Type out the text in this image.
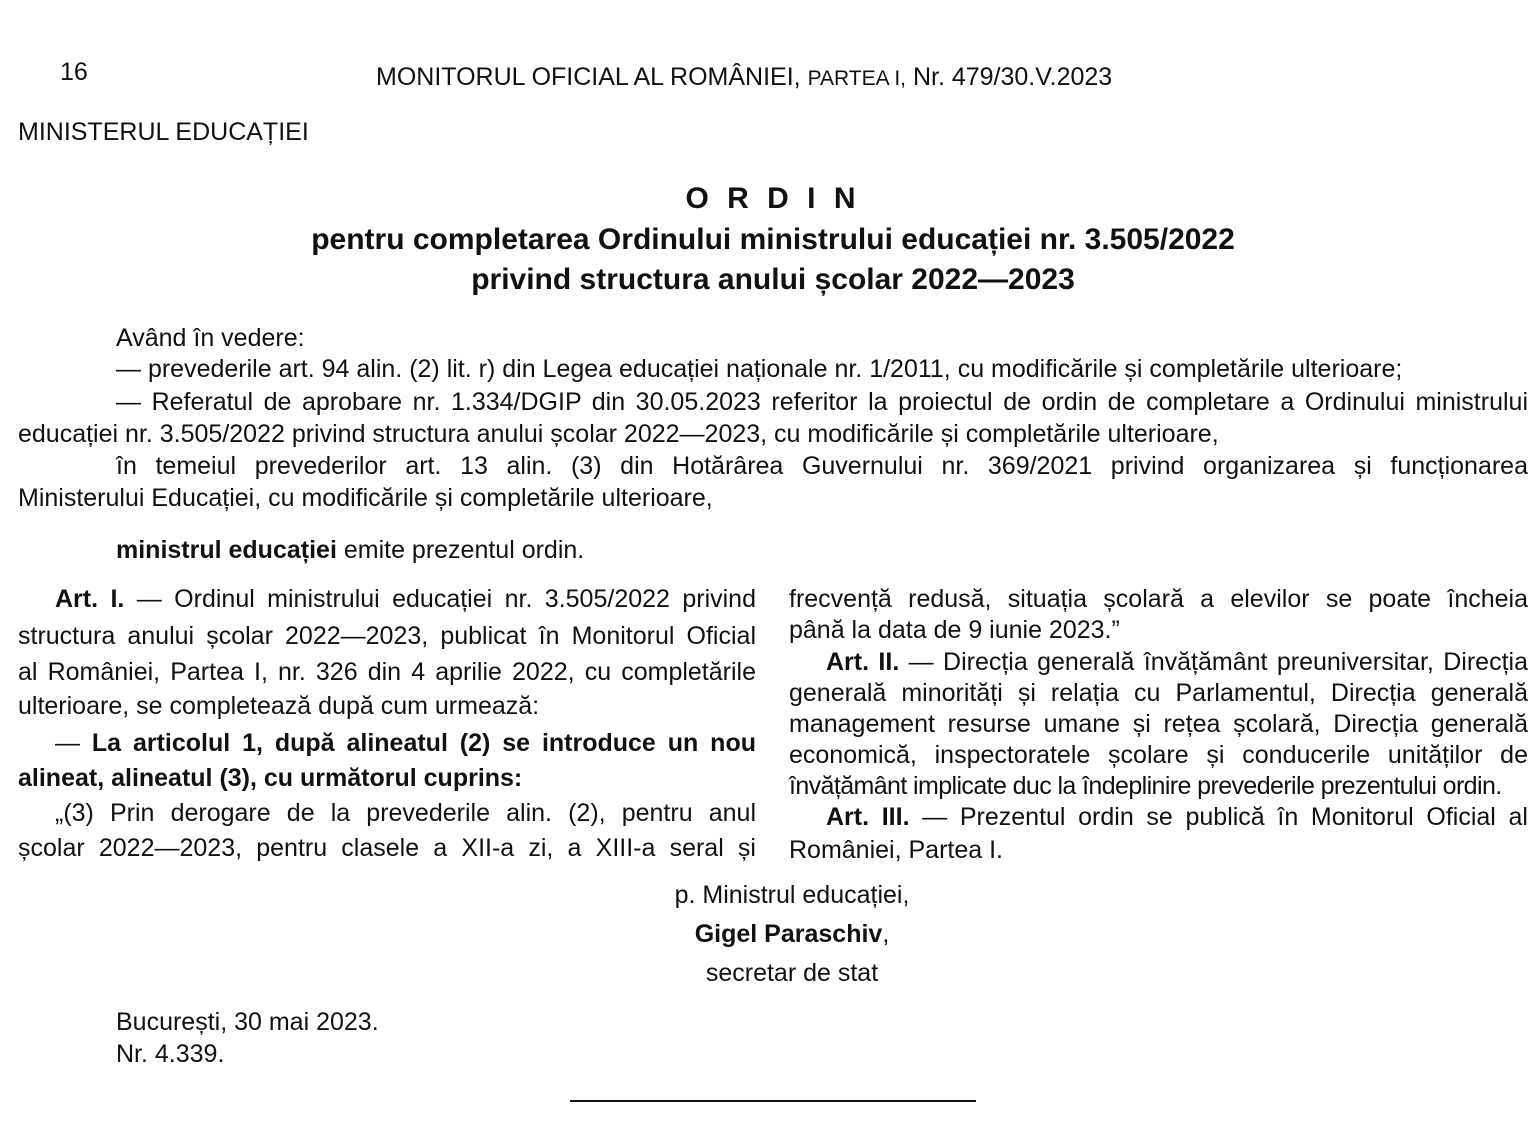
16	MONITORUL OFICIAL AL ROMÂNIEI, PARTEA I, Nr. 479/30.V.2023
MINISTERUL EDUCAȚIEI
O R D I N
pentru completarea Ordinului ministrului educației nr. 3.505/2022
privind structura anului școlar 2022—2023
Având în vedere:
— prevederile art. 94 alin. (2) lit. r) din Legea educației naționale nr. 1/2011, cu modificările și completările ulterioare;
— Referatul de aprobare nr. 1.334/DGIP din 30.05.2023 referitor la proiectul de ordin de completare a Ordinului ministrului
educației nr. 3.505/2022 privind structura anului școlar 2022—2023, cu modificările și completările ulterioare,
în temeiul prevederilor art. 13 alin. (3) din Hotărârea Guvernului nr. 369/2021 privind organizarea și funcționarea
Ministerului Educației, cu modificările și completările ulterioare,
ministrul educației emite prezentul ordin.
Art. I. — Ordinul ministrului educației nr. 3.505/2022 privind
structura anului școlar 2022—2023, publicat în Monitorul Oficial
al României, Partea I, nr. 326 din 4 aprilie 2022, cu completările
ulterioare, se completează după cum urmează:
— La articolul 1, după alineatul (2) se introduce un nou
alineat, alineatul (3), cu următorul cuprins:
„(3) Prin derogare de la prevederile alin. (2), pentru anul
școlar 2022—2023, pentru clasele a XII-a zi, a XIII-a seral și
frecvență redusă, situația școlară a elevilor se poate încheia
până la data de 9 iunie 2023.”
Art. II. — Direcția generală învățământ preuniversitar, Direcția
generală minorități și relația cu Parlamentul, Direcția generală
management resurse umane și rețea școlară, Direcția generală
economică, inspectoratele școlare și conducerile unităților de
învățământ implicate duc la îndeplinire prevederile prezentului ordin.
Art. III. — Prezentul ordin se publică în Monitorul Oficial al
României, Partea I.
p. Ministrul educației,
Gigel Paraschiv,
secretar de stat
București, 30 mai 2023.
Nr. 4.339.
